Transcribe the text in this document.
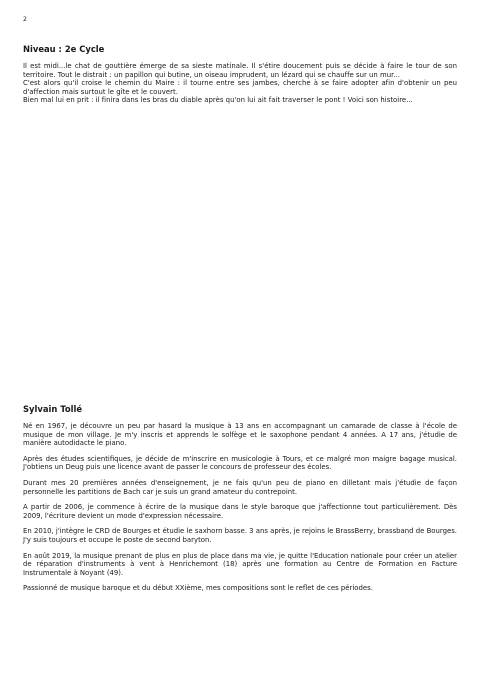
2
Niveau : 2e Cycle

Il est midi...le chat de gouttière émerge de sa sieste matinale. Il s'étire doucement puis se décide à faire le tour de son territoire. Tout le distrait : un papillon qui butine, un oiseau imprudent, un lézard qui se chauffe sur un mur...

C'est alors qu'il croise le chemin du Maire : il tourne entre ses jambes, cherche à se faire adopter afin d'obtenir un peu d'affection mais surtout le gîte et le couvert.

Bien mal lui en prit : il finira dans les bras du diable après qu'on lui ait fait traverser le pont ! Voici son histoire...

Sylvain Tollé

Né en 1967, je découvre un peu par hasard la musique à 13 ans en accompagnant un camarade de classe à l'école de musique de mon village. Je m'y inscris et apprends le solfège et le saxophone pendant 4 années. A 17 ans, j'étudie de manière autodidacte le piano.

Après des études scientifiques, je décide de m'inscrire en musicologie à Tours, et ce malgré mon maigre bagage musical. J'obtiens un Deug puis une licence avant de passer le concours de professeur des écoles.

Durant mes 20 premières années d'enseignement, je ne fais qu'un peu de piano en dilletant mais j'étudie de façon personnelle les partitions de Bach car je suis un grand amateur du contrepoint.

A partir de 2006, je commence à écrire de la musique dans le style baroque que j'affectionne tout particulièrement. Dès 2009, l'écriture devient un mode d'expression nécessaire.

En 2010, j'intègre le CRD de Bourges et étudie le saxhorn basse. 3 ans après, je rejoins le BrassBerry, brassband de Bourges. J'y suis toujours et occupe le poste de second baryton.

En août 2019, la musique prenant de plus en plus de place dans ma vie, je quitte l'Education nationale pour créer un atelier de réparation d'instruments à vent à Henrichemont (18) après une formation au Centre de Formation en Facture Instrumentale à Noyant (49).

Passionné de musique baroque et du début XXième, mes compositions sont le reflet de ces périodes.
